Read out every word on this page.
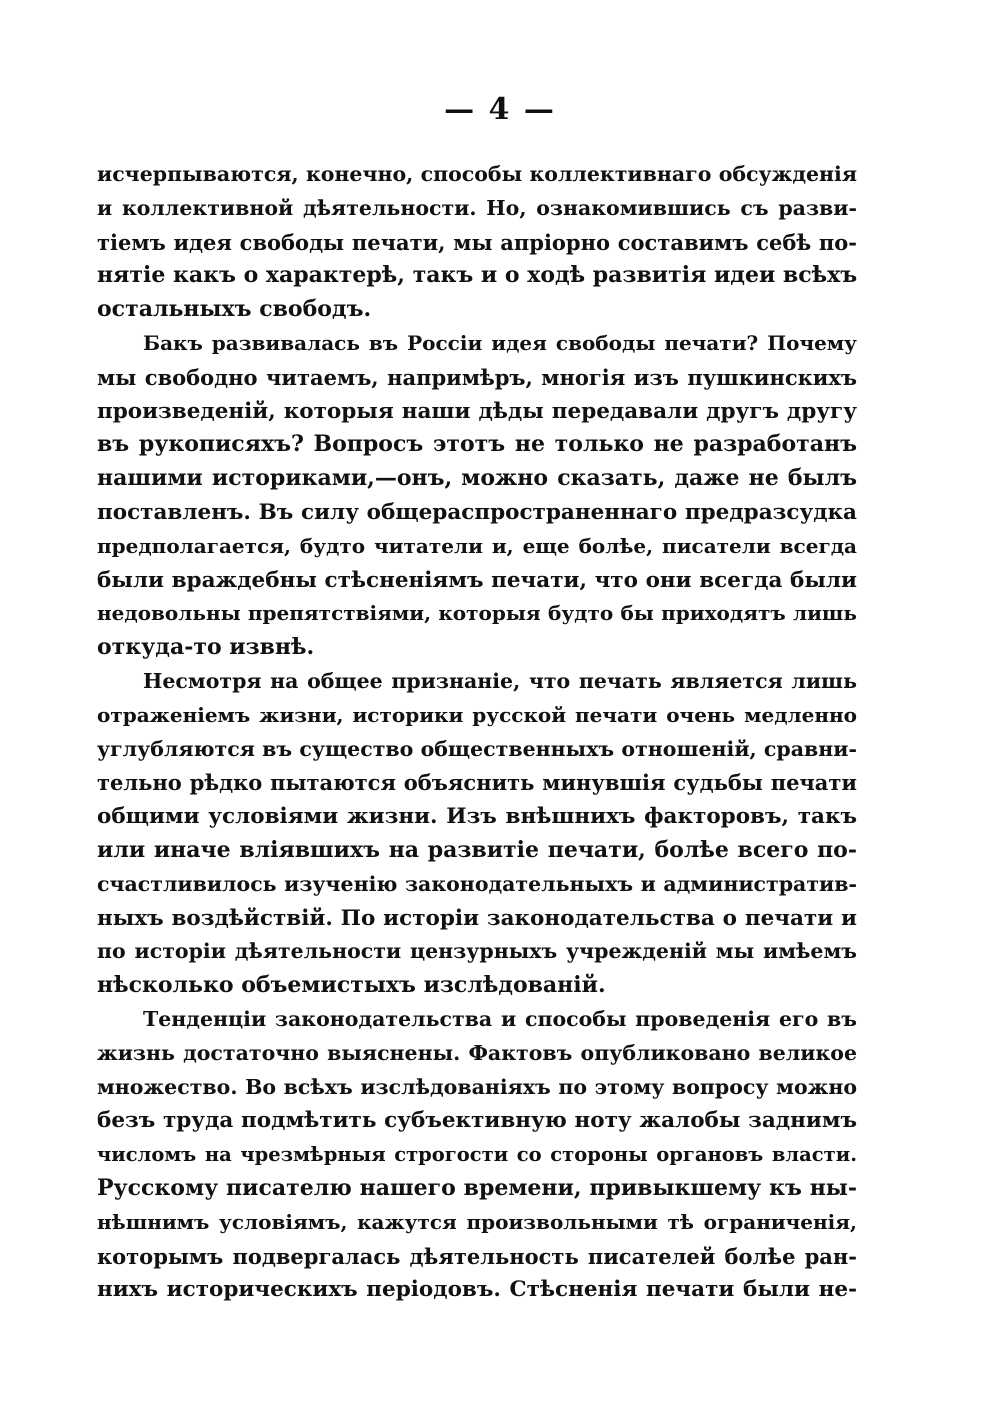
— 4 —
исчерпываются, конечно, способы коллективнаго обсужденія
и коллективной дѣятельности. Но, ознакомившись съ разви-
тіемъ идея свободы печати, мы апріорно составимъ себѣ по-
нятіе какъ о характерѣ, такъ и о ходѣ развитія идеи всѣхъ
остальныхъ свободъ.
Бакъ развивалась въ Россіи идея свободы печати? Почему
мы свободно читаемъ, напримѣръ, многія изъ пушкинскихъ
произведеній, которыя наши дѣды передавали другъ другу
въ рукописяхъ? Вопросъ этотъ не только не разработанъ
нашими историками,—онъ, можно сказать, даже не былъ
поставленъ. Въ силу общераспространеннаго предразсудка
предполагается, будто читатели и, еще болѣе, писатели всегда
были враждебны стѣсненіямъ печати, что они всегда были
недовольны препятствіями, которыя будто бы приходятъ лишь
откуда-то извнѣ.
Несмотря на общее признаніе, что печать является лишь
отраженіемъ жизни, историки русской печати очень медленно
углубляются въ существо общественныхъ отношеній, сравни-
тельно рѣдко пытаются объяснить минувшія судьбы печати
общими условіями жизни. Изъ внѣшнихъ факторовъ, такъ
или иначе вліявшихъ на развитіе печати, болѣе всего по-
счастливилось изученію законодательныхъ и административ-
ныхъ воздѣйствій. По исторіи законодательства о печати и
по исторіи дѣятельности цензурныхъ учрежденій мы имѣемъ
нѣсколько объемистыхъ изслѣдованій.
Тенденціи законодательства и способы проведенія его въ
жизнь достаточно выяснены. Фактовъ опубликовано великое
множество. Во всѣхъ изслѣдованіяхъ по этому вопросу можно
безъ труда подмѣтить субъективную ноту жалобы заднимъ
числомъ на чрезмѣрныя строгости со стороны органовъ власти.
Русскому писателю нашего времени, привыкшему къ ны-
нѣшнимъ условіямъ, кажутся произвольными тѣ ограниченія,
которымъ подвергалась дѣятельность писателей болѣе ран-
нихъ историческихъ періодовъ. Стѣсненія печати были не-
